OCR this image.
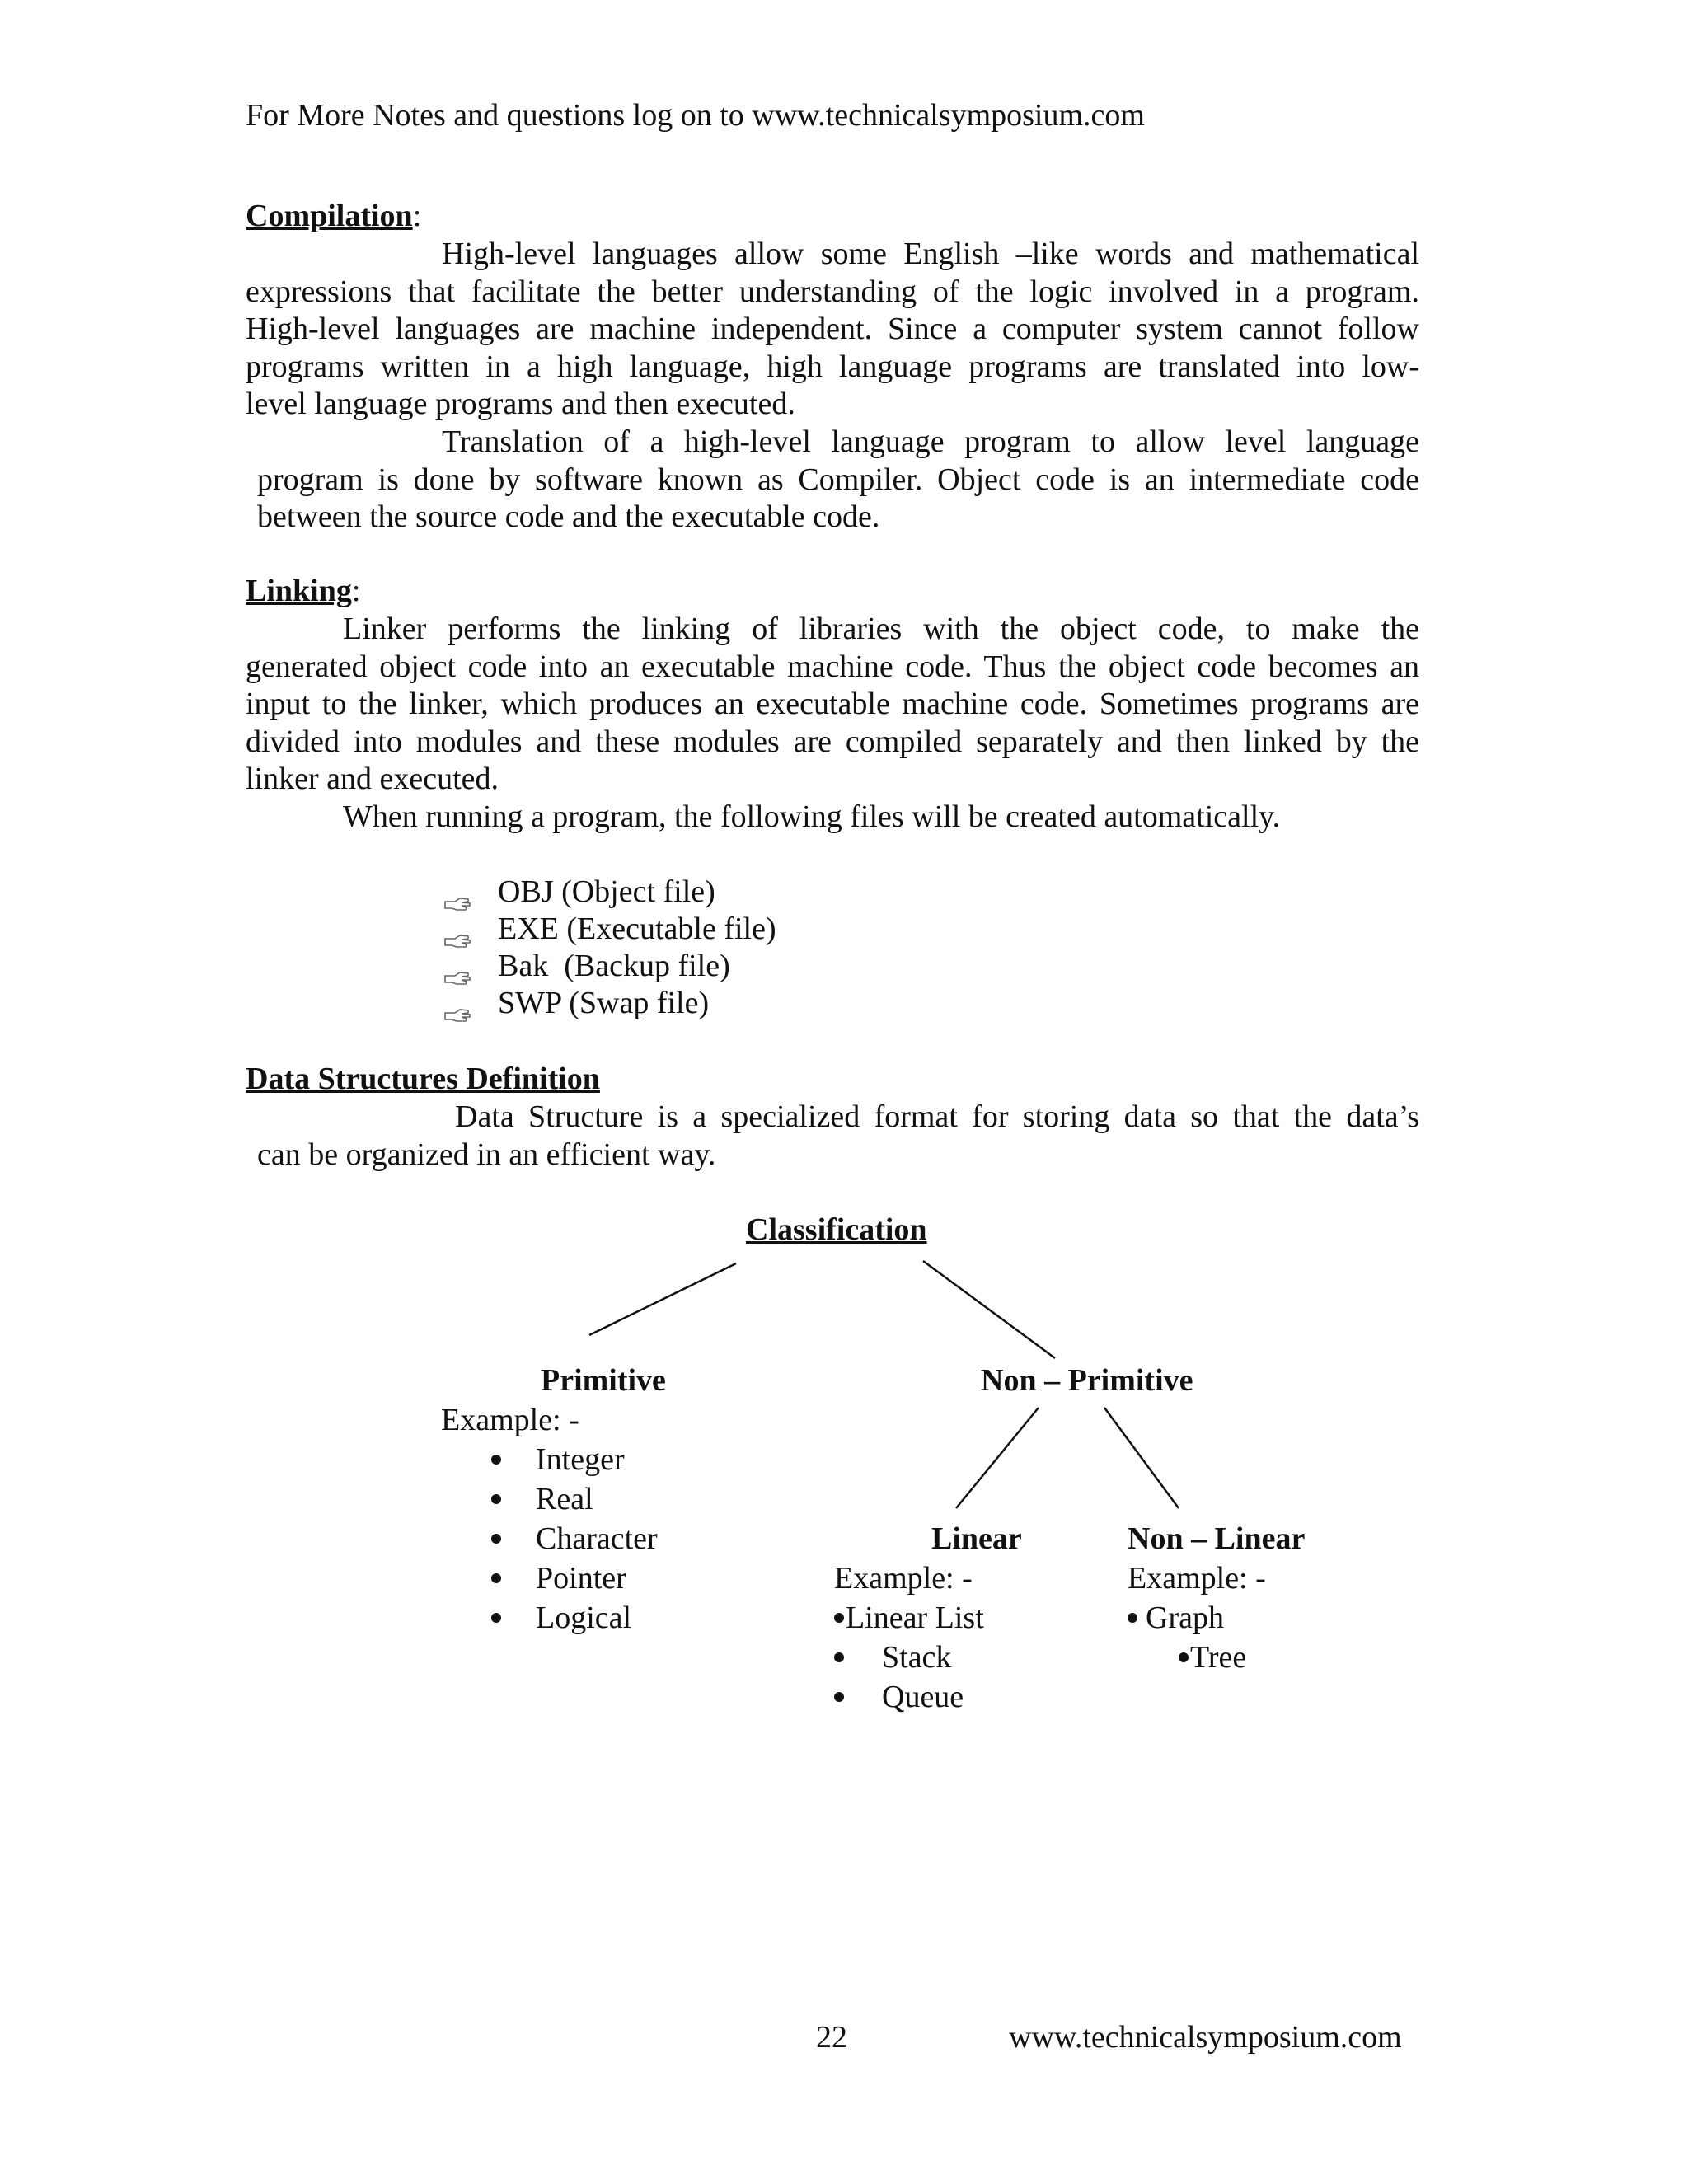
For More Notes and questions log on to www.technicalsymposium.com
Compilation:
High-level languages allow some English –like words and mathematical
expressions that facilitate the better understanding of the logic involved in a program.
High-level languages are machine independent. Since a computer system cannot follow
programs written in a high language, high language programs are translated into low-
level language programs and then executed.
Translation of a high-level language program to allow level language
program is done by software known as Compiler. Object code is an intermediate code
between the source code and the executable code.
Linking:
Linker performs the linking of libraries with the object code, to make the
generated object code into an executable machine code. Thus the object code becomes an
input to the linker, which produces an executable machine code. Sometimes programs are
divided into modules and these modules are compiled separately and then linked by the
linker and executed.
When running a program, the following files will be created automatically.
OBJ (Object file)
EXE (Executable file)
Bak  (Backup file)
SWP (Swap file)
Data Structures Definition
Data Structure is a specialized format for storing data so that the data’s
can be organized in an efficient way.
Classification
Primitive
Example: -
Integer
Real
Character
Pointer
Logical
Non – Primitive
Linear
Example: -
Linear List
Stack
Queue
Non – Linear
Example: -
Graph
Tree
22	www.technicalsymposium.com
